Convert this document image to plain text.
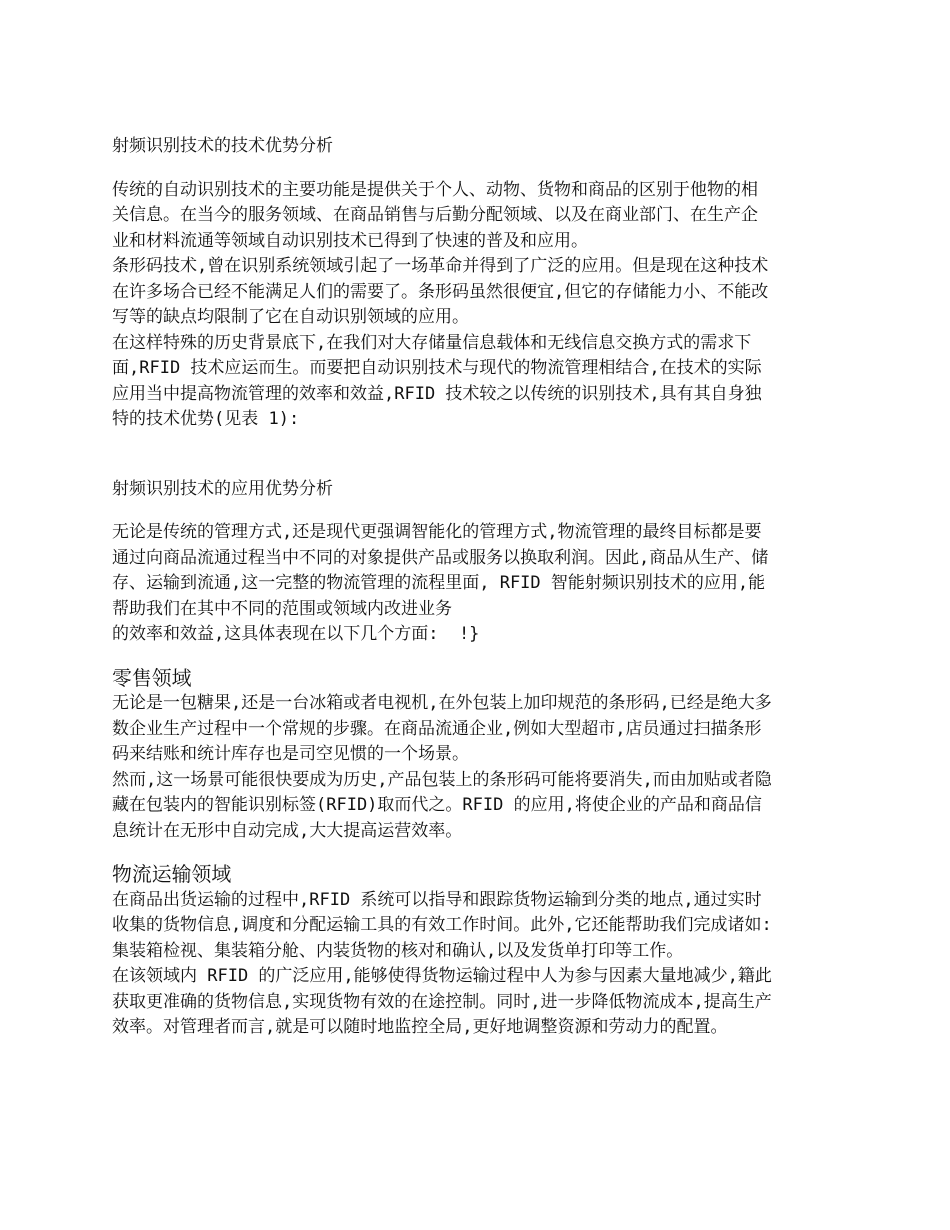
射频识别技术的技术优势分析

传统的自动识别技术的主要功能是提供关于个人、动物、货物和商品的区别于他物的相关信息。在当今的服务领域、在商品销售与后勤分配领域、以及在商业部门、在生产企业和材料流通等领域自动识别技术已得到了快速的普及和应用。

条形码技术,曾在识别系统领域引起了一场革命并得到了广泛的应用。但是现在这种技术在许多场合已经不能满足人们的需要了。条形码虽然很便宜,但它的存储能力小、不能改写等的缺点均限制了它在自动识别领域的应用。

在这样特殊的历史背景底下,在我们对大存储量信息载体和无线信息交换方式的需求下面,RFID 技术应运而生。而要把自动识别技术与现代的物流管理相结合,在技术的实际应用当中提高物流管理的效率和效益,RFID 技术较之以传统的识别技术,具有其自身独特的技术优势(见表 1):

射频识别技术的应用优势分析

无论是传统的管理方式,还是现代更强调智能化的管理方式,物流管理的最终目标都是要通过向商品流通过程当中不同的对象提供产品或服务以换取利润。因此,商品从生产、储存、运输到流通,这一完整的物流管理的流程里面, RFID 智能射频识别技术的应用,能帮助我们在其中不同的范围或领域内改进业务

的效率和效益,这具体表现在以下几个方面:  !}

零售领域

无论是一包糖果,还是一台冰箱或者电视机,在外包装上加印规范的条形码,已经是绝大多数企业生产过程中一个常规的步骤。在商品流通企业,例如大型超市,店员通过扫描条形码来结账和统计库存也是司空见惯的一个场景。

然而,这一场景可能很快要成为历史,产品包装上的条形码可能将要消失,而由加贴或者隐藏在包装内的智能识别标签(RFID)取而代之。RFID 的应用,将使企业的产品和商品信息统计在无形中自动完成,大大提高运营效率。

物流运输领域

在商品出货运输的过程中,RFID 系统可以指导和跟踪货物运输到分类的地点,通过实时收集的货物信息,调度和分配运输工具的有效工作时间。此外,它还能帮助我们完成诸如:集装箱检视、集装箱分舱、内装货物的核对和确认,以及发货单打印等工作。

在该领域内 RFID 的广泛应用,能够使得货物运输过程中人为参与因素大量地减少,籍此获取更准确的货物信息,实现货物有效的在途控制。同时,进一步降低物流成本,提高生产效率。对管理者而言,就是可以随时地监控全局,更好地调整资源和劳动力的配置。
